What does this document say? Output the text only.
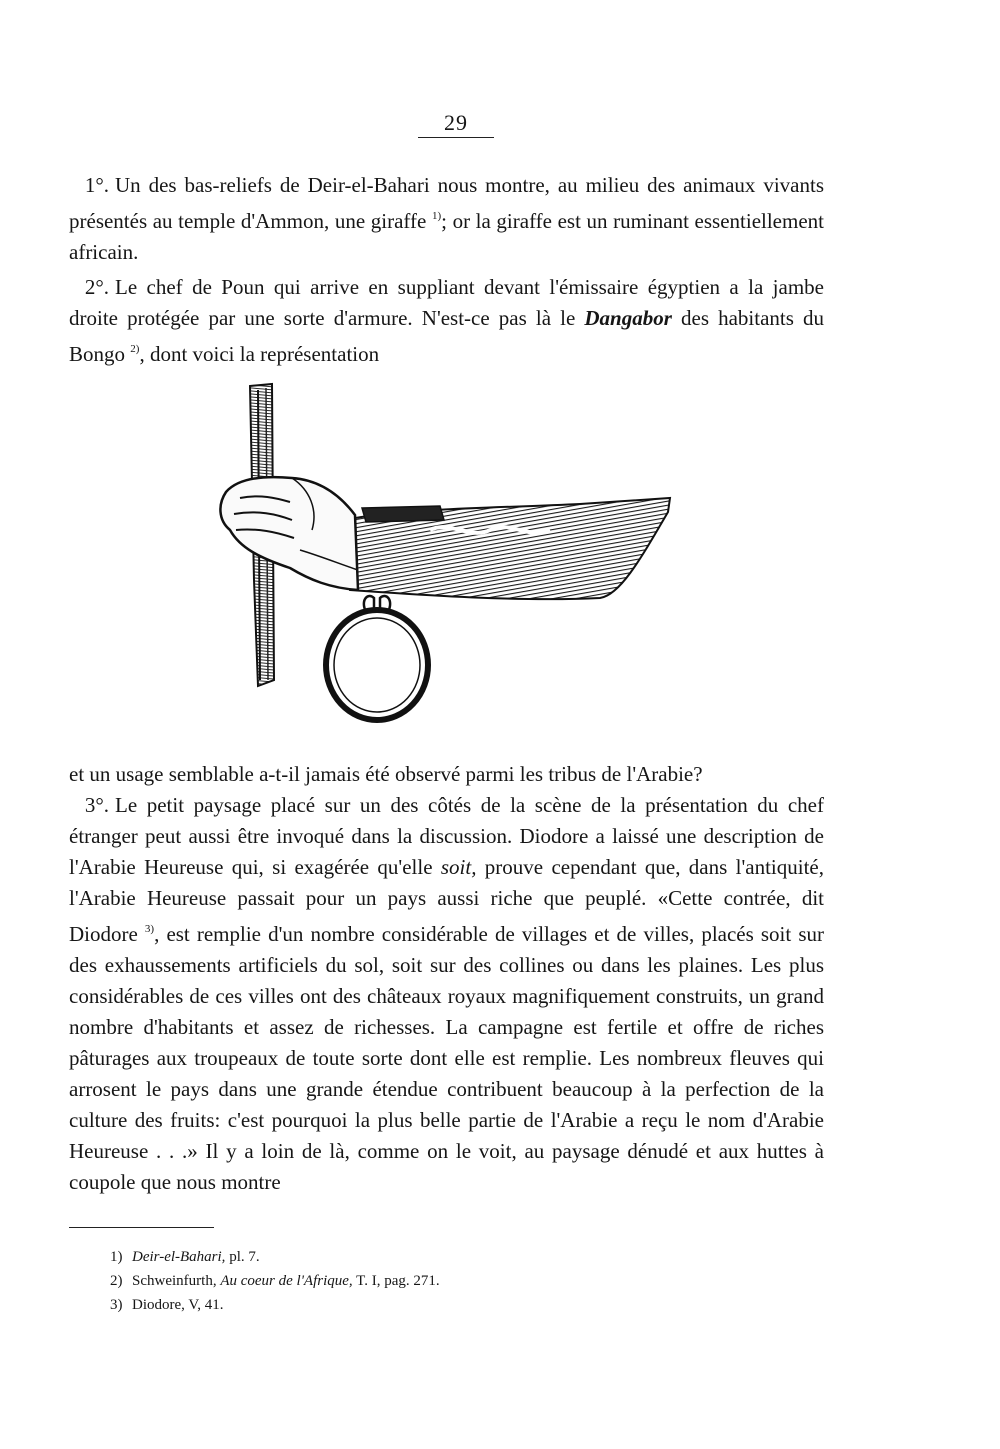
29

1°. Un des bas-reliefs de Deir-el-Bahari nous montre, au milieu des animaux vivants présentés au temple d'Ammon, une giraffe $^{1)}$; or la giraffe est un ruminant essentiellement africain.

2°. Le chef de Poun qui arrive en suppliant devant l'émissaire égyptien a la jambe droite protégée par une sorte d'armure. N'est-ce pas là le Dangabor des habitants du Bongo $^{2)}$, dont voici la représentation

et un usage semblable a-t-il jamais été observé parmi les tribus de l'Arabie?

3°. Le petit paysage placé sur un des côtés de la scène de la présentation du chef étranger peut aussi être invoqué dans la discussion. Diodore a laissé une description de l'Arabie Heureuse qui, si exagérée qu'elle soit, prouve cependant que, dans l'antiquité, l'Arabie Heureuse passait pour un pays aussi riche que peuplé. «Cette contrée, dit Diodore $^{3)}$, est remplie d'un nombre considérable de villages et de villes, placés soit sur des exhaussements artificiels du sol, soit sur des collines ou dans les plaines. Les plus considérables de ces villes ont des châteaux royaux magnifiquement construits, un grand nombre d'habitants et assez de richesses. La campagne est fertile et offre de riches pâturages aux troupeaux de toute sorte dont elle est remplie. Les nombreux fleuves qui arrosent le pays dans une grande étendue contribuent beaucoup à la perfection de la culture des fruits: c'est pourquoi la plus belle partie de l'Arabie a reçu le nom d'Arabie Heureuse . . .» Il y a loin de là, comme on le voit, au paysage dénudé et aux huttes à coupole que nous montre

1) Deir-el-Bahari, pl. 7.
2) Schweinfurth, Au coeur de l'Afrique, T. I, pag. 271.
3) Diodore, V, 41.
